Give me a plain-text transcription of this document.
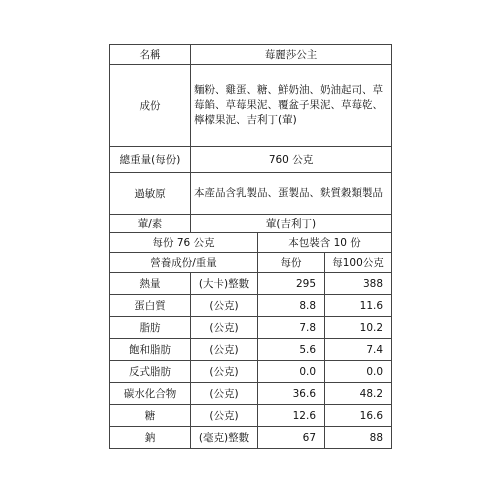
名稱	莓麗莎公主
成份	麵粉、雞蛋、糖、鮮奶油、奶油起司、草莓餡、草莓果泥、覆盆子果泥、草莓乾、檸檬果泥、吉利丁(葷)
總重量(每份)	760 公克
過敏原	本產品含乳製品、蛋製品、麩質穀類製品
葷/素	葷(吉利丁)
每份 76 公克		本包裝含 10 份	
營養成份/重量		每份	每100公克
熱量	(大卡)整數	295	388
蛋白質	(公克)	8.8	11.6
脂肪	(公克)	7.8	10.2
飽和脂肪	(公克)	5.6	7.4
反式脂肪	(公克)	0.0	0.0
碳水化合物	(公克)	36.6	48.2
糖	(公克)	12.6	16.6
鈉	(毫克)整數	67	88
